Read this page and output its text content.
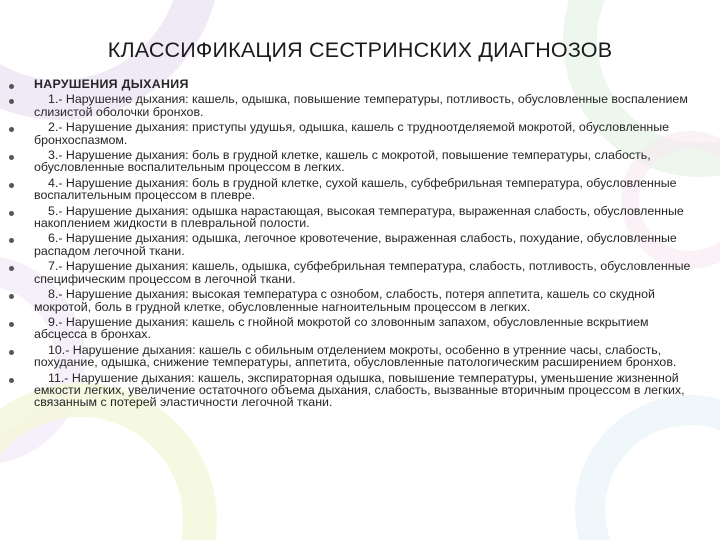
КЛАССИФИКАЦИЯ СЕСТРИНСКИХ ДИАГНОЗОВ
НАРУШЕНИЯ ДЫХАНИЯ
1.- Нарушение дыхания: кашель, одышка, повышение температуры, потливость, обусловленные воспалением слизистой оболочки бронхов.
2.- Нарушение дыхания: приступы удушья, одышка, кашель с трудноотделяемой мокротой, обусловленные бронхоспазмом.
3.- Нарушение дыхания: боль в грудной клетке, кашель с мокротой, повышение температуры, слабость, обусловленные воспалительным процессом в легких.
4.- Нарушение дыхания: боль в грудной клетке, сухой кашель, субфебрильная температура, обусловленные воспалительным процессом в плевре.
5.- Нарушение дыхания: одышка нарастающая, высокая температура, выраженная слабость, обусловленные накоплением жидкости в плевральной полости.
6.- Нарушение дыхания: одышка, легочное кровотечение, выраженная слабость, похудание, обусловленные распадом легочной ткани.
7.- Нарушение дыхания: кашель, одышка, субфебрильная температура, слабость, потливость, обусловленные специфическим процессом в легочной ткани.
8.- Нарушение дыхания: высокая температура с ознобом, слабость, потеря аппетита, кашель со скудной мокротой, боль в грудной клетке, обусловленные нагноительным процессом в легких.
9.- Нарушение дыхания: кашель с гнойной мокротой со зловонным запахом, обусловленные вскрытием абсцесса в бронхах.
10.- Нарушение дыхания: кашель с обильным отделением мокроты, особенно в утренние часы, слабость, похудание, одышка, снижение температуры, аппетита, обусловленные патологическим расширением бронхов.
11.- Нарушение дыхания: кашель, экспираторная одышка, повышение температуры, уменьшение жизненной емкости легких, увеличение остаточного объема дыхания, слабость, вызванные вторичным процессом в легких, связанным с потерей эластичности легочной ткани.
